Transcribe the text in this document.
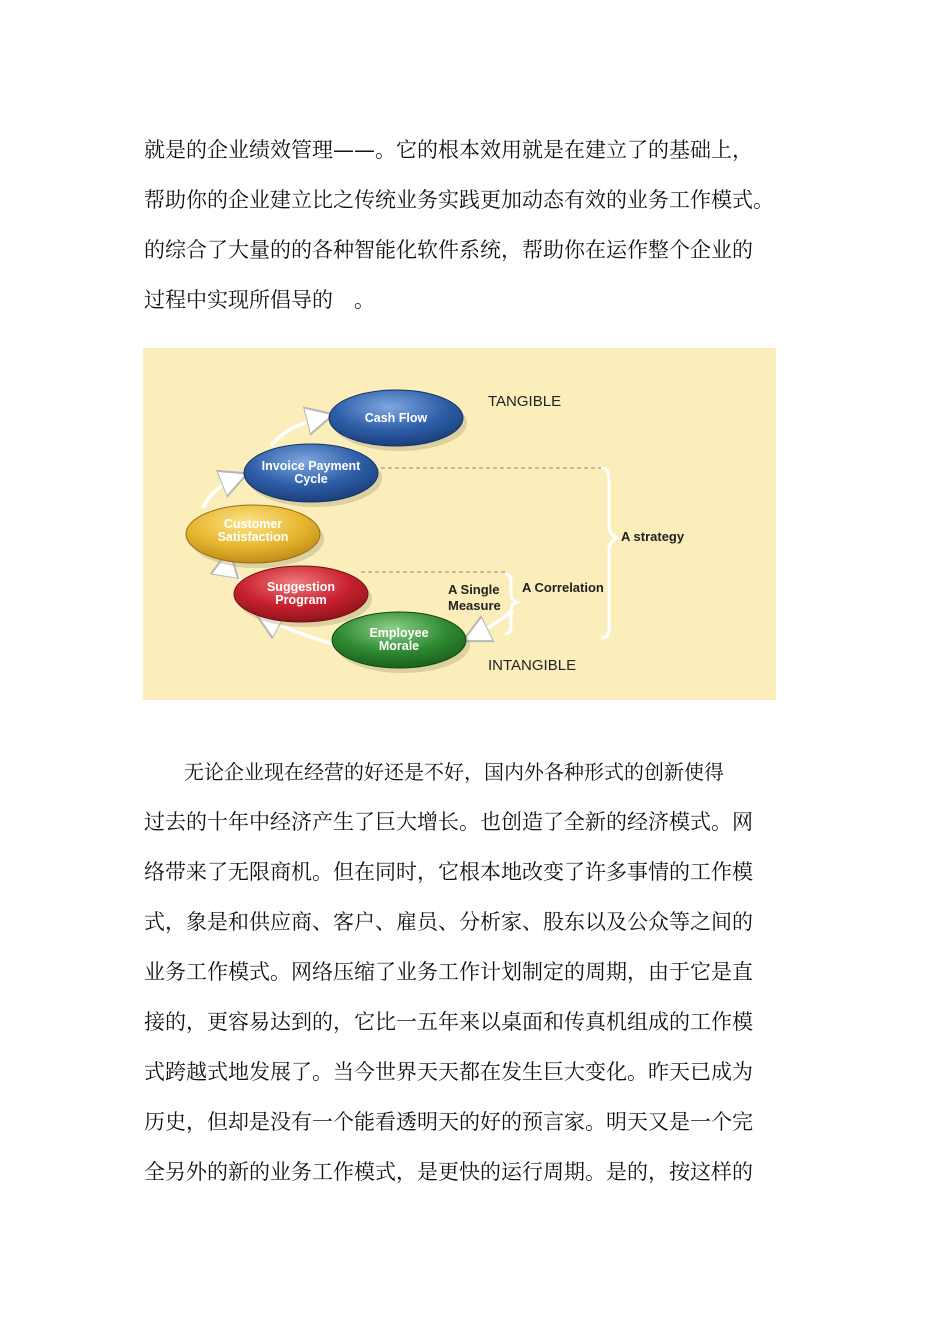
就是的企业绩效管理——。它的根本效用就是在建立了的基础上，
帮助你的企业建立比之传统业务实践更加动态有效的业务工作模式。
的综合了大量的的各种智能化软件系统，帮助你在运作整个企业的
过程中实现所倡导的　。
Cash Flow
Invoice Payment
Cycle
Customer
Satisfaction
Suggestion
Program
Employee
Morale
TANGIBLE
INTANGIBLE
A Single
Measure
A Correlation
A strategy
无论企业现在经营的好还是不好，国内外各种形式的创新使得
过去的十年中经济产生了巨大增长。也创造了全新的经济模式。网
络带来了无限商机。但在同时，它根本地改变了许多事情的工作模
式，象是和供应商、客户、雇员、分析家、股东以及公众等之间的
业务工作模式。网络压缩了业务工作计划制定的周期，由于它是直
接的，更容易达到的，它比一五年来以桌面和传真机组成的工作模
式跨越式地发展了。当今世界天天都在发生巨大变化。昨天已成为
历史，但却是没有一个能看透明天的好的预言家。明天又是一个完
全另外的新的业务工作模式，是更快的运行周期。是的，按这样的
